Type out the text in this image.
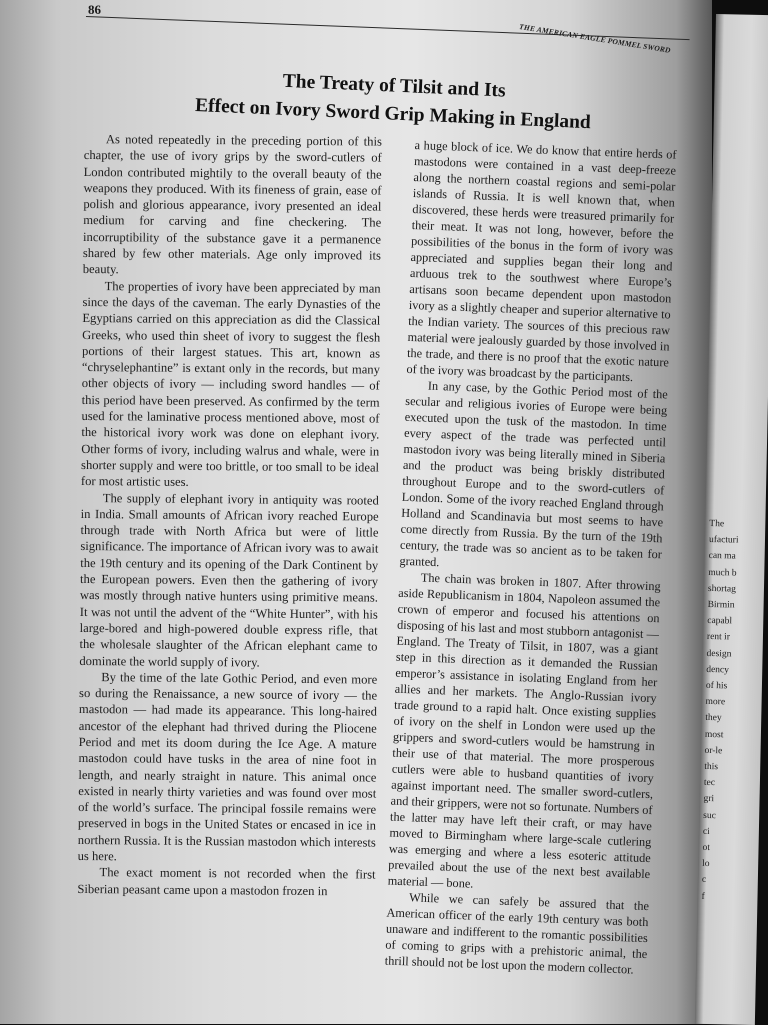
86

THE AMERICAN EAGLE POMMEL SWORD

The Treaty of Tilsit and Its
Effect on Ivory Sword Grip Making in England

As noted repeatedly in the preceding portion of this chapter, the use of ivory grips by the sword-cutlers of London contributed mightily to the overall beauty of the weapons they produced. With its fineness of grain, ease of polish and glorious appearance, ivory presented an ideal medium for carving and fine checkering. The incorruptibility of the substance gave it a permanence shared by few other materials. Age only improved its beauty.

The properties of ivory have been appreciated by man since the days of the caveman. The early Dynasties of the Egyptians carried on this appreciation as did the Classical Greeks, who used thin sheet of ivory to suggest the flesh portions of their largest statues. This art, known as “chryselephantine” is extant only in the records, but many other objects of ivory — including sword handles — of this period have been preserved. As confirmed by the term used for the laminative process mentioned above, most of the historical ivory work was done on elephant ivory. Other forms of ivory, including walrus and whale, were in shorter supply and were too brittle, or too small to be ideal for most artistic uses.

The supply of elephant ivory in antiquity was rooted in India. Small amounts of African ivory reached Europe through trade with North Africa but were of little significance. The importance of African ivory was to await the 19th century and its opening of the Dark Continent by the European powers. Even then the gathering of ivory was mostly through native hunters using primitive means. It was not until the advent of the “White Hunter”, with his large-bored and high-powered double express rifle, that the wholesale slaughter of the African elephant came to dominate the world supply of ivory.

By the time of the late Gothic Period, and even more so during the Renaissance, a new source of ivory — the mastodon — had made its appearance. This long-haired ancestor of the elephant had thrived during the Pliocene Period and met its doom during the Ice Age. A mature mastodon could have tusks in the area of nine foot in length, and nearly straight in nature. This animal once existed in nearly thirty varieties and was found over most of the world’s surface. The principal fossile remains were preserved in bogs in the United States or encased in ice in northern Russia. It is the Russian mastodon which interests us here.

The exact moment is not recorded when the first Siberian peasant came upon a mastodon frozen in

a huge block of ice. We do know that entire herds of mastodons were contained in a vast deep-freeze along the northern coastal regions and semi-polar islands of Russia. It is well known that, when discovered, these herds were treasured primarily for their meat. It was not long, however, before the possibilities of the bonus in the form of ivory was appreciated and supplies began their long and arduous trek to the southwest where Europe’s artisans soon became dependent upon mastodon ivory as a slightly cheaper and superior alternative to the Indian variety. The sources of this precious raw material were jealously guarded by those involved in the trade, and there is no proof that the exotic nature of the ivory was broadcast by the participants.

In any case, by the Gothic Period most of the secular and religious ivories of Europe were being executed upon the tusk of the mastodon. In time every aspect of the trade was perfected until mastodon ivory was being literally mined in Siberia and the product was being briskly distributed throughout Europe and to the sword-cutlers of London. Some of the ivory reached England through Holland and Scandinavia but most seems to have come directly from Russia. By the turn of the 19th century, the trade was so ancient as to be taken for granted.

The chain was broken in 1807. After throwing aside Republicanism in 1804, Napoleon assumed the crown of emperor and focused his attentions on disposing of his last and most stubborn antagonist — England. The Treaty of Tilsit, in 1807, was a giant step in this direction as it demanded the Russian emperor’s assistance in isolating England from her allies and her markets. The Anglo-Russian ivory trade ground to a rapid halt. Once existing supplies of ivory on the shelf in London were used up the grippers and sword-cutlers would be hamstrung in their use of that material. The more prosperous cutlers were able to husband quantities of ivory against important need. The smaller sword-cutlers, and their grippers, were not so fortunate. Numbers of the latter may have left their craft, or may have moved to Birmingham where large-scale cutlering was emerging and where a less esoteric attitude prevailed about the use of the next best available material — bone.

While we can safely be assured that the American officer of the early 19th century was both unaware and indifferent to the romantic possibilities of coming to grips with a prehistoric animal, the thrill should not be lost upon the modern collector.

The
ufacturi
can ma
much b
shortag
Birmin
capabl
rent ir
design
dency
of his
more
they
most
or-le
this
tec
gri
suc
ci
ot
lo
c
f
